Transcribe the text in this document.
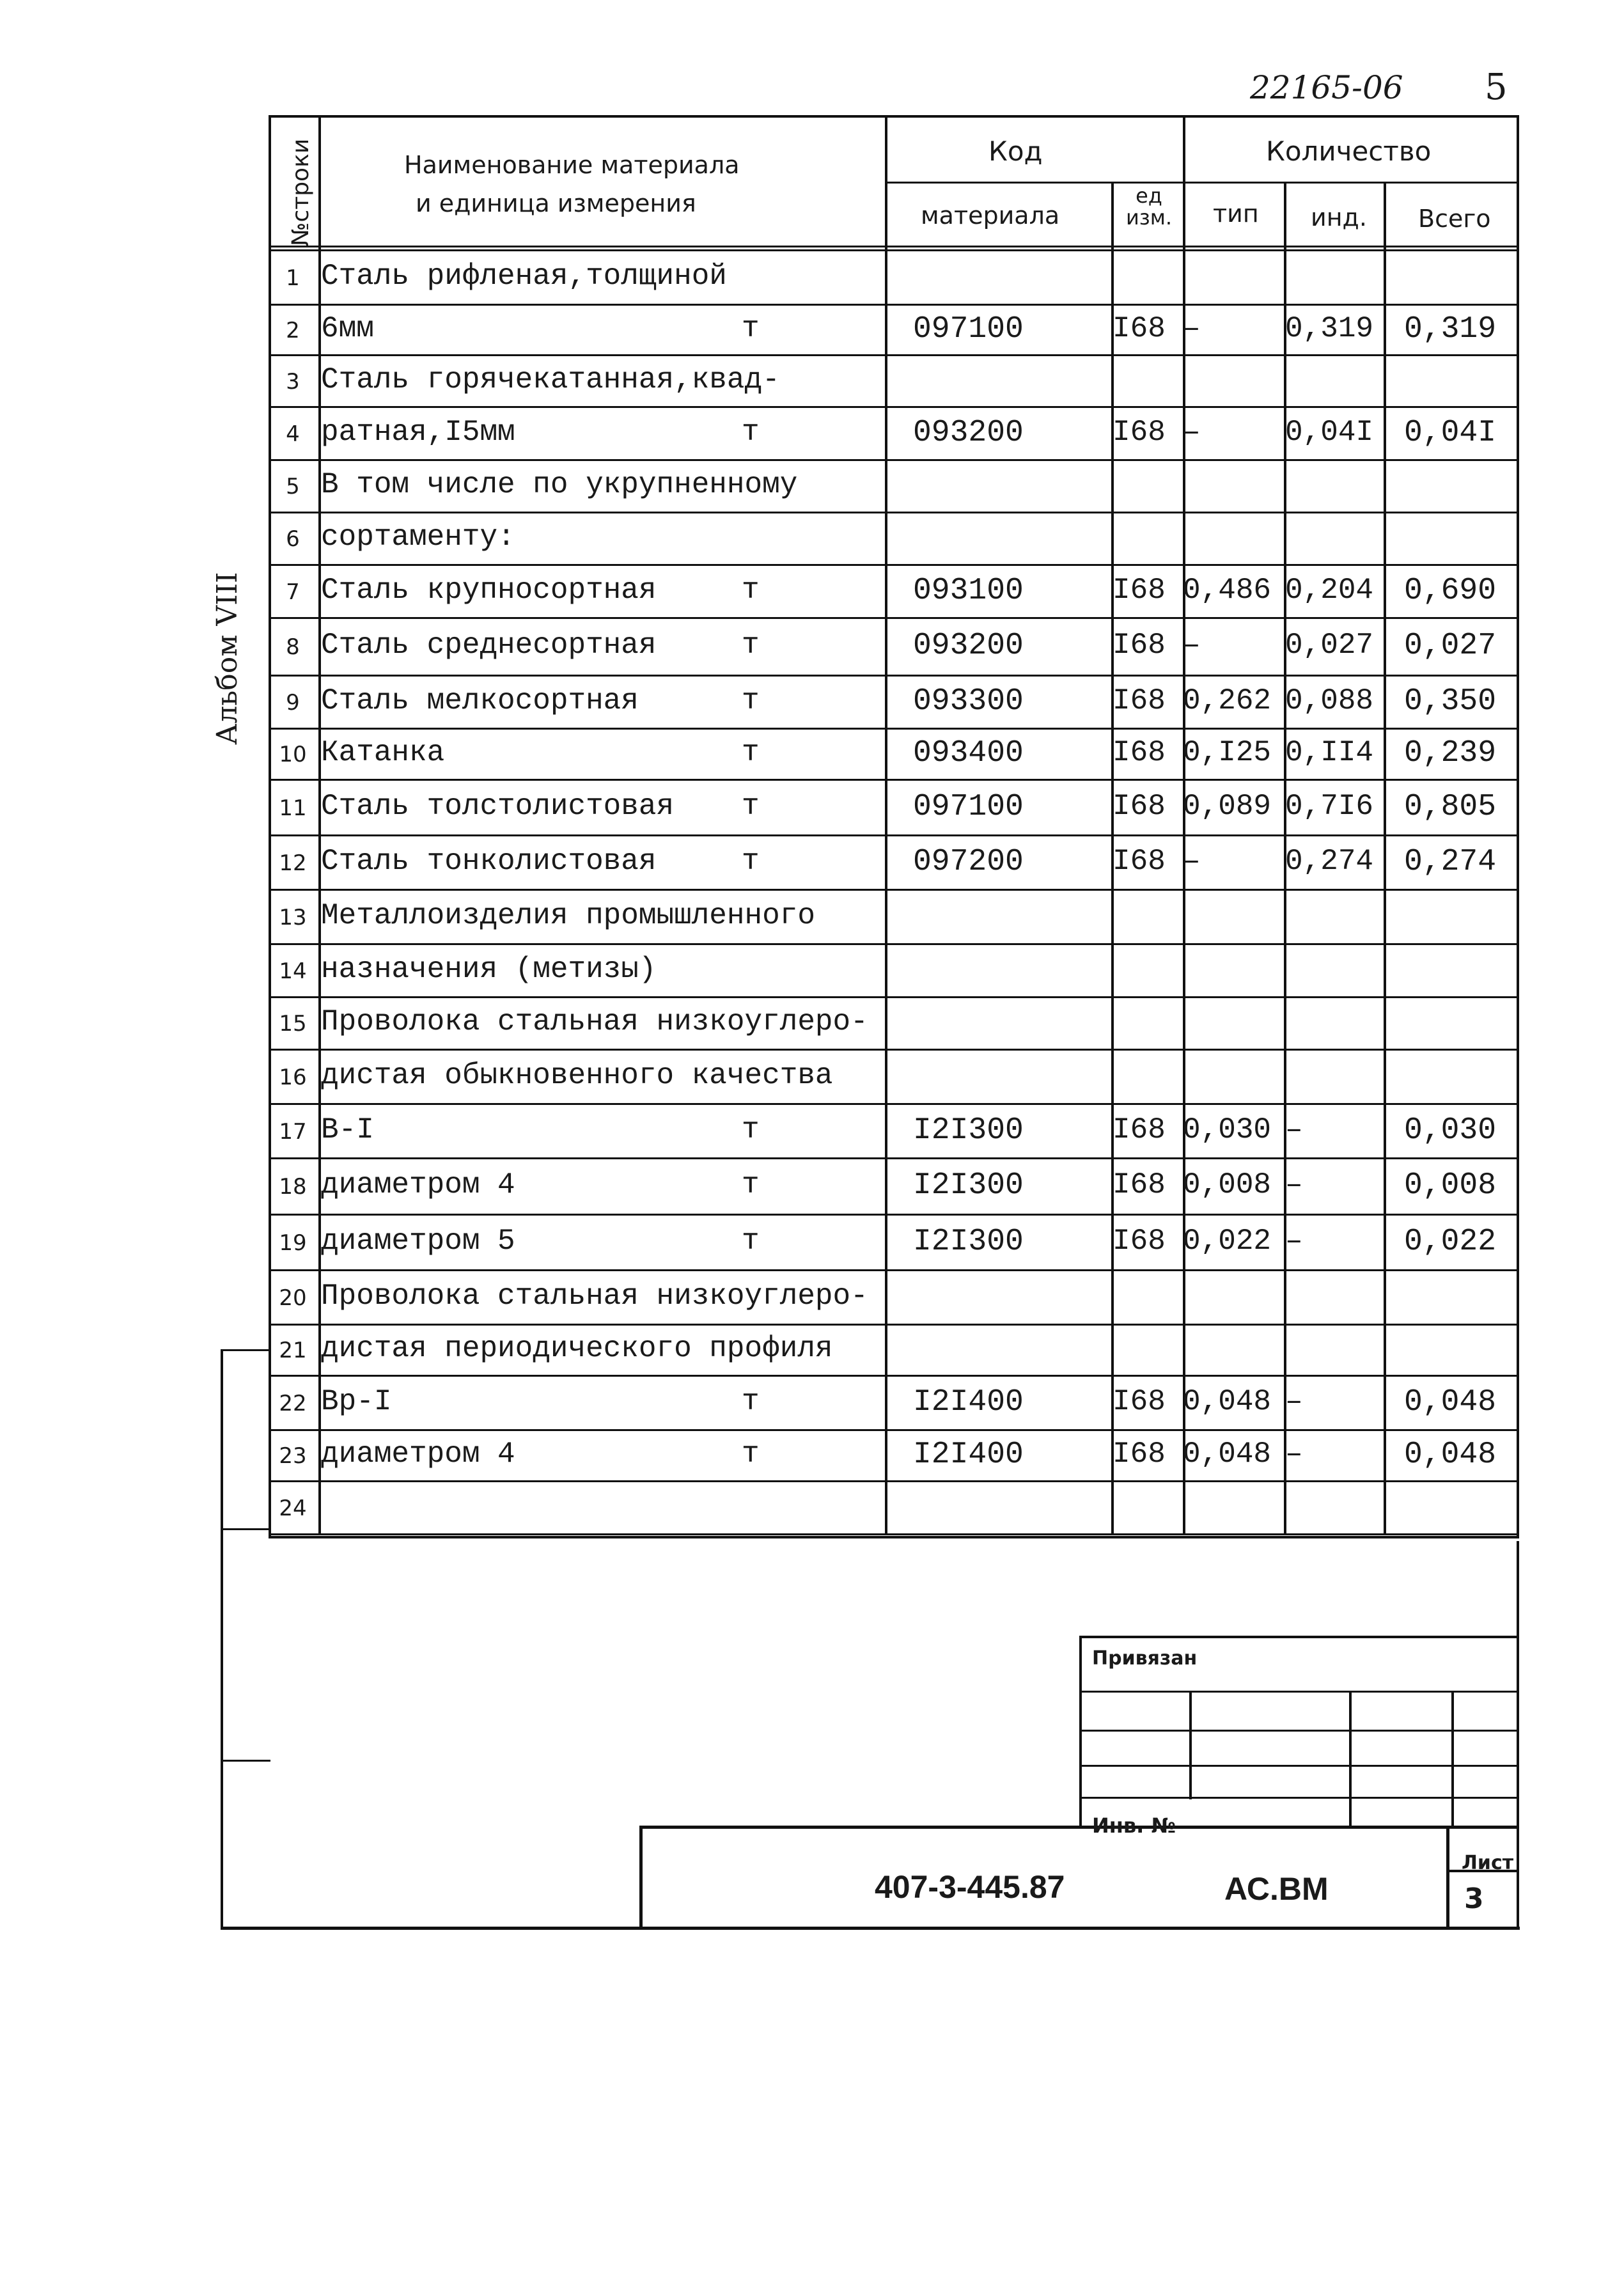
22165-06 5
Альбом VIII
1 Сталь рифленая,толщиной
2 6мм	т	097100	I68 –	0,319 0,319
3 Сталь горячекатанная,квад-
4 ратная,I5мм	т	093200	I68 –	0,04I 0,04I
5 В том числе по укрупненному
6 сортаменту:
7 Сталь крупносортная	т	093100	I68 0,486 0,204 0,690
8 Сталь среднесортная	т	093200	I68 –	0,027 0,027
9 Сталь мелкосортная	т	093300	I68 0,262 0,088 0,350
10 Катанка	т	093400	I68 0,I25 0,II4 0,239
11 Сталь толстолистовая т	097100	I68 0,089 0,7I6 0,805
12 Сталь тонколистовая	т	097200	I68 –	0,274 0,274
13 Металлоизделия промышленного
14 назначения (метизы)
15 Проволока стальная низкоуглеро-
16 дистая обыкновенного качества
17 В-I	т	I2I300	I68 0,030 –	0,030
18 диаметром 4	т	I2I300	I68 0,008 –	0,008
19 диаметром 5	т	I2I300	I68 0,022 –	0,022
20 Проволока стальная низкоуглеро-
21 дистая периодического профиля
22 Вр-I	т	I2I400	I68 0,048 –	0,048
23 диаметром 4	т	I2I400	I68 0,048 –	0,048
24
№строки	Наименование материала
и единица измерения
Код	Количество
материала
ед изм. тип инд. Всего
Привязан
Инв. №
407-3-445.87	АС.ВМ
Лист
3
